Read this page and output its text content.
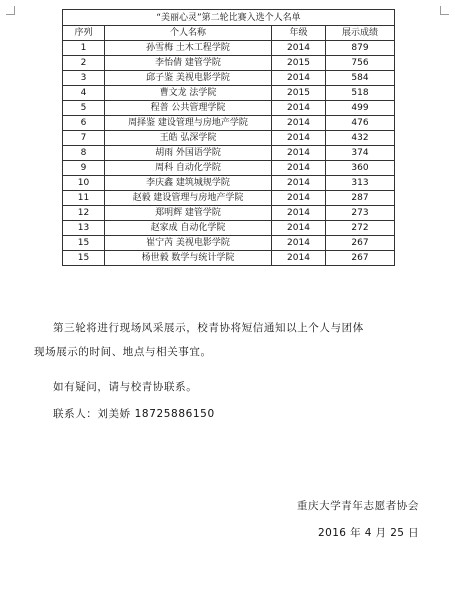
“美丽心灵”第二轮比赛入选个人名单			
序列	个人名称	年级	展示成绩
1	孙雪梅 土木工程学院	2014	879
2	李怡倩 建管学院	2015	756
3	邱子鉴 美视电影学院	2014	584
4	曹文龙 法学院	2015	518
5	程普 公共管理学院	2014	499
6	周择鉴 建设管理与房地产学院	2014	476
7	王皓 弘深学院	2014	432
8	胡雨 外国语学院	2014	374
9	周科 自动化学院	2014	360
10	李庆鑫 建筑城规学院	2014	313
11	赵毅 建设管理与房地产学院	2014	287
12	郑明辉 建管学院	2014	273
13	赵家成 自动化学院	2014	272
15	崔宁芮 美视电影学院	2014	267
15	杨世毅 数学与统计学院	2014	267
第三轮将进行现场风采展示，校青协将短信通知以上个人与团体
现场展示的时间、地点与相关事宜。
如有疑问，请与校青协联系。
联系人：刘美娇 18725886150
重庆大学青年志愿者协会
2016 年 4 月 25 日
